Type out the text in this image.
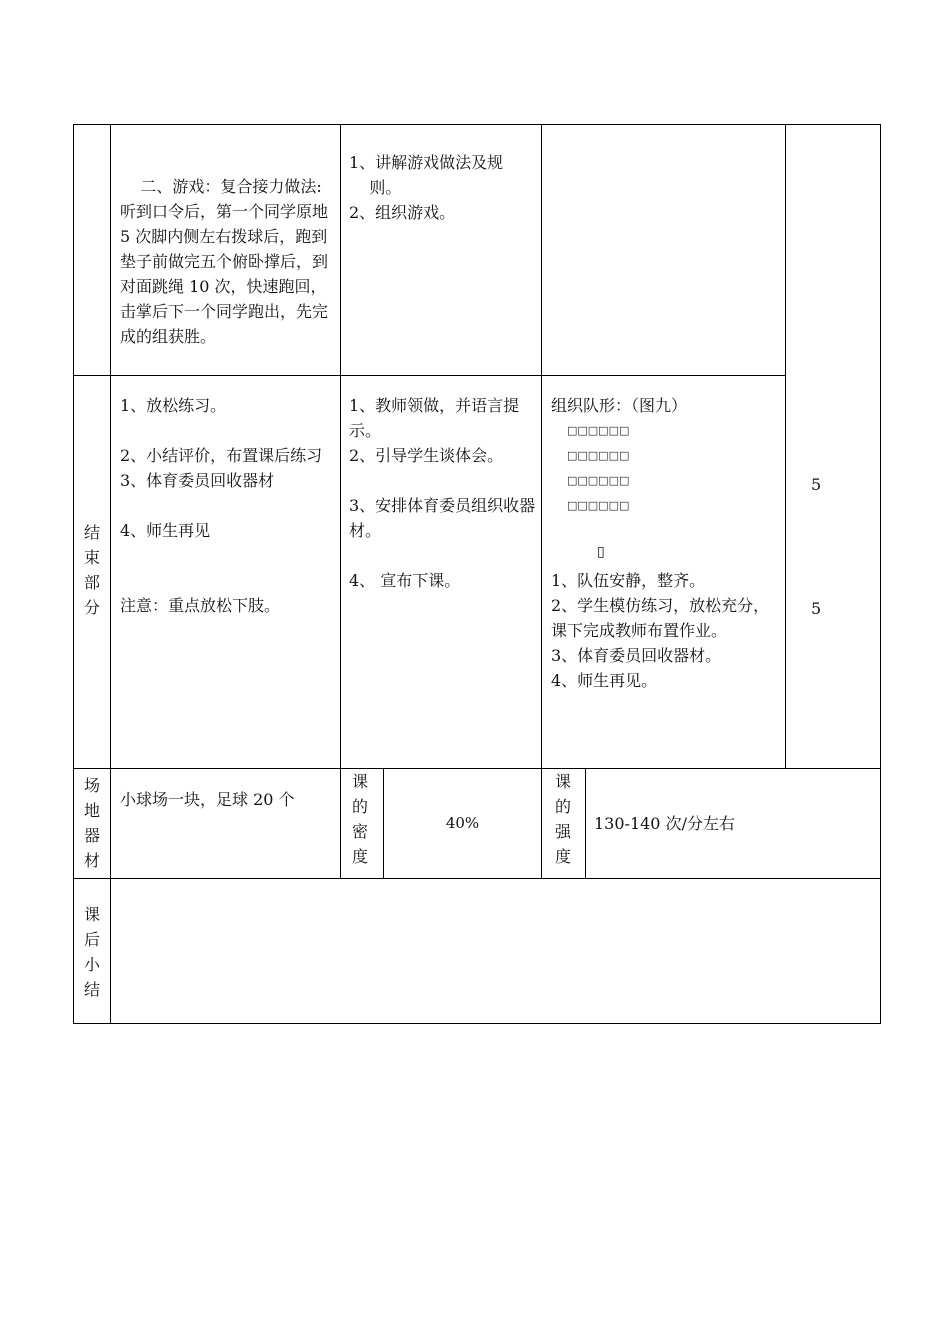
二、游戏：复合接力做法:听到口令后，第一个同学原地 5 次脚内侧左右拨球后，跑到垫子前做完五个俯卧撑后，到对面跳绳 10 次，快速跑回，击掌后下一个同学跑出，先完成的组获胜。
1、讲解游戏做法及规
则。
2、组织游戏。
结
束
部
分
1、放松练习。
2、小结评价，布置课后练习
3、体育委员回收器材
4、师生再见
注意：重点放松下肢。
1、教师领做，并语言提示。
2、引导学生谈体会。
3、安排体育委员组织收器材。
4、 宣布下课。
组织队形：（图九）
□□□□□□
□□□□□□
□□□□□□
□□□□□□
▯
1、队伍安静，整齐。
2、学生模仿练习，放松充分，课下完成教师布置作业。
3、体育委员回收器材。
4、师生再见。
5
5
场
地
器
材
小球场一块，足球 20 个
课
的
密
度
40%
课
的
强
度
130-140 次/分左右
课
后
小
结
